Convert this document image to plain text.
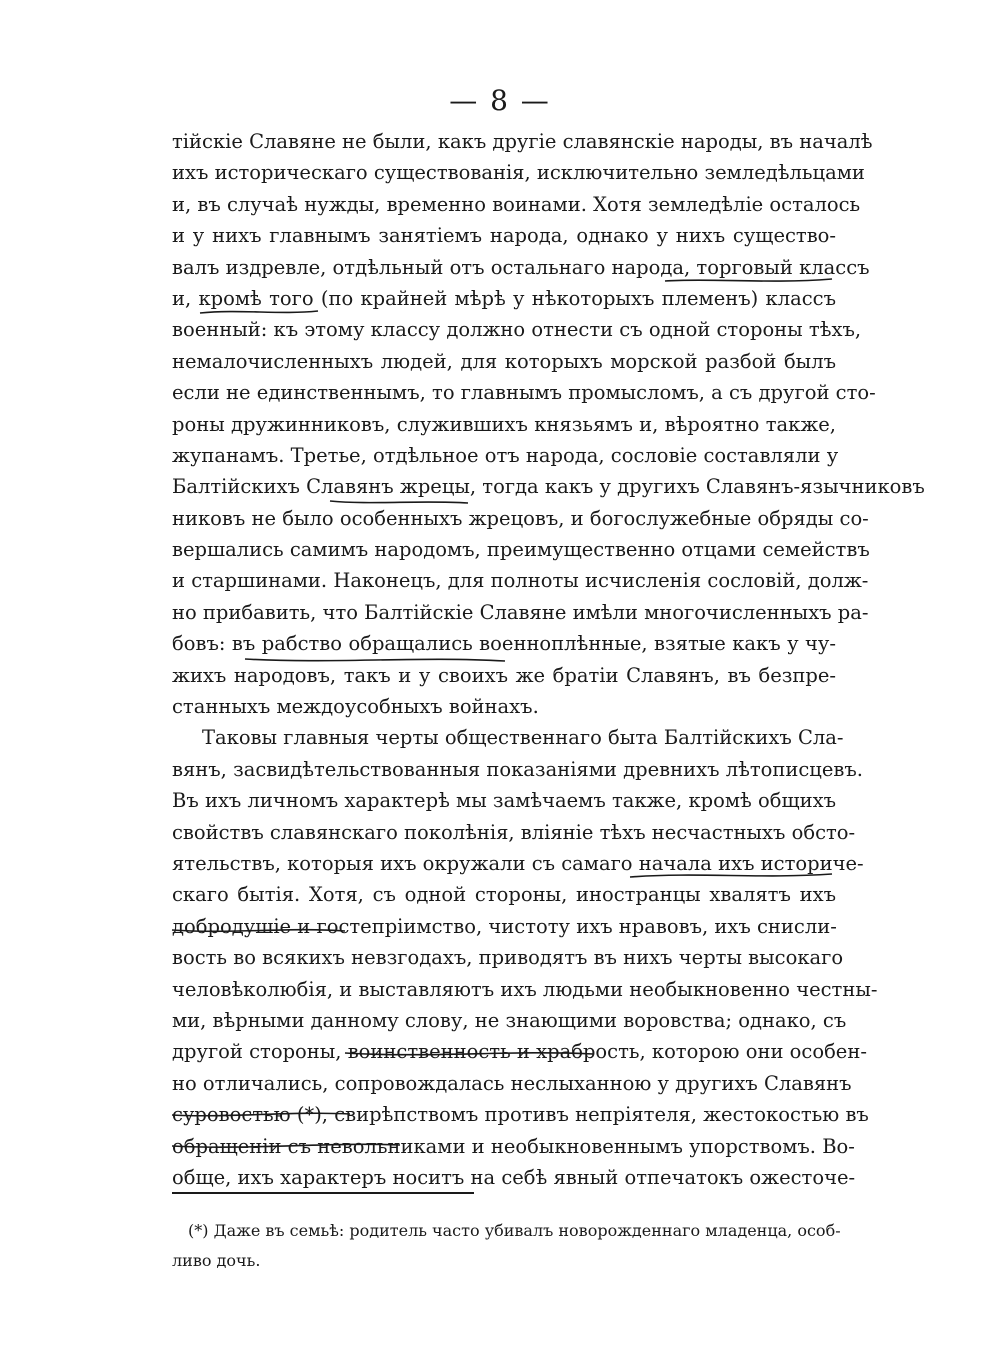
— 8 —
тійскіе Славяне не были, какъ другіе славянскіе народы, въ началѣ
ихъ историческаго существованія, исключительно земледѣльцами
и, въ случаѣ нужды, временно воинами. Хотя земледѣліе осталось
и у нихъ главнымъ занятіемъ народа, однако у нихъ существо-
валъ издревле, отдѣльный отъ остальнаго народа, торговый классъ
и, кромѣ того (по крайней мѣрѣ у нѣкоторыхъ племенъ) классъ
военный: къ этому классу должно отнести съ одной стороны тѣхъ,
немалочисленныхъ людей, для которыхъ морской разбой былъ
если не единственнымъ, то главнымъ промысломъ, а съ другой сто-
роны дружинниковъ, служившихъ князьямъ и, вѣроятно также,
жупанамъ. Третье, отдѣльное отъ народа, сословіе составляли у
Балтійскихъ Славянъ жрецы, тогда какъ у другихъ Славянъ-язычниковъ
никовъ не было особенныхъ жрецовъ, и богослужебные обряды со-
вершались самимъ народомъ, преимущественно отцами семействъ
и старшинами. Наконецъ, для полноты исчисленія сословій, долж-
но прибавить, что Балтійскіе Славяне имѣли многочисленныхъ ра-
бовъ: въ рабство обращались военноплѣнные, взятые какъ у чу-
жихъ народовъ, такъ и у своихъ же братіи Славянъ, въ безпре-
станныхъ междоусобныхъ войнахъ.
Таковы главныя черты общественнаго быта Балтійскихъ Сла-
вянъ, засвидѣтельствованныя показаніями древнихъ лѣтописцевъ.
Въ ихъ личномъ характерѣ мы замѣчаемъ также, кромѣ общихъ
свойствъ славянскаго поколѣнія, вліяніе тѣхъ несчастныхъ обсто-
ятельствъ, которыя ихъ окружали съ самаго начала ихъ историче-
скаго бытія. Хотя, съ одной стороны, иностранцы хвалятъ ихъ
добродушіе и гостепріимство, чистоту ихъ нравовъ, ихъ снисли-
вость во всякихъ невзгодахъ, приводятъ въ нихъ черты высокаго
человѣколюбія, и выставляютъ ихъ людьми необыкновенно честны-
ми, вѣрными данному слову, не знающими воровства; однако, съ
другой стороны, воинственность и храбрость, которою они особен-
но отличались, сопровождалась неслыханною у другихъ Славянъ
суровостью (*), свирѣпствомъ противъ непріятеля, жестокостью въ
обращеніи съ невольниками и необыкновеннымъ упорствомъ. Во-
обще, ихъ характеръ носитъ на себѣ явный отпечатокъ ожесточе-
(*) Даже въ семьѣ: родитель часто убивалъ новорожденнаго младенца, особ-
ливо дочь.
